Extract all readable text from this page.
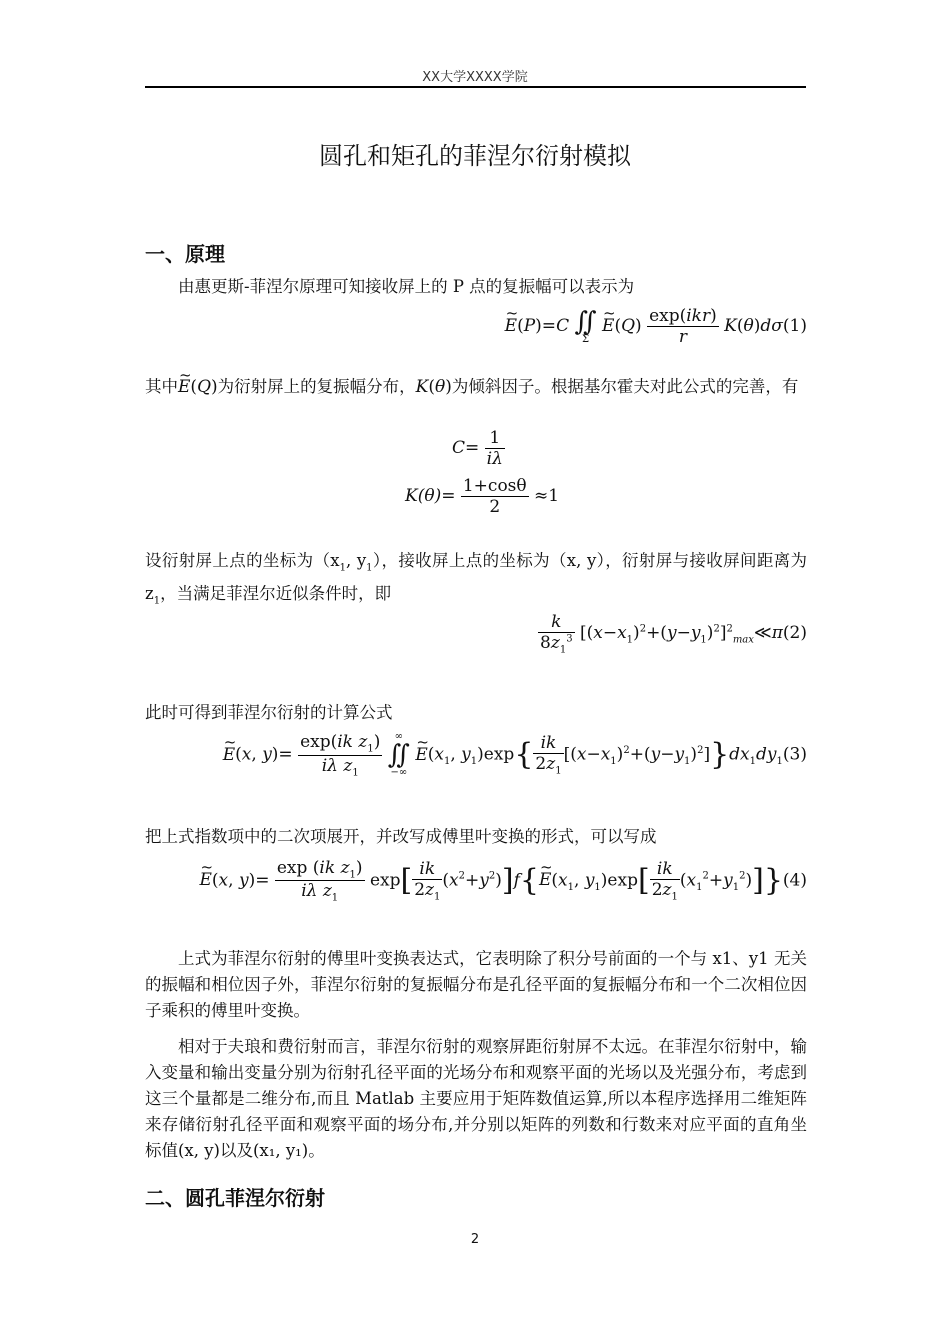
XX大学XXXX学院
圆孔和矩孔的菲涅尔衍射模拟
一、原理
由惠更斯-菲涅尔原理可知接收屏上的 P 点的复振幅可以表示为
~ E(P)=C ∬
Σ
~ $E(Q) \frac{\text{exp(ikr)}}{r} K(\theta)d\sigma(1)$
其中~ E(Q)为衍射屏上的复振幅分布，K(θ)为倾斜因子。根据基尔霍夫对此公式的完善，有
$C= \frac{1}{i\lambda}$
$K(\theta)= \frac{1+\cos\theta}{2} \approx 1$
设衍射屏上点的坐标为（$x_1$, $y_1$），接收屏上点的坐标为（x, y），衍射屏与接收屏间距离为 $z_1$，当满足菲涅尔近似条件时，即
$\frac{k}{8z_1^3}$ $[(x-x_1)^2+(y-y_1)^2]^2_{max}≪\pi(2)$
此时可得到菲涅尔衍射的计算公式
~ E(x, $y)= \frac{\exp(ik z_1)}{i\lambda z_1}$
	∞
∬
−∞
~ $E(x_1$, $y_1)\exp\{ \frac{ik}{2z_1} [(x-x_1)^2+(y-y_1)^2]\}dx_1dy_1(3)$
把上式指数项中的二次项展开，并改写成傅里叶变换的形式，可以写成
~ E(x, $y)= \frac{\exp (ik z_1)}{i\lambda z_1} \exp[ \frac{ik}{2z_1}$ $(x^2+y^2)]f\{\sim$ $E(x_1$, $y_1)\exp[ \frac{ik}{2z_1} (x_1^2+y_1^2)]\}(4)$
上式为菲涅尔衍射的傅里叶变换表达式，它表明除了积分号前面的一个与 x1、y1 无关的振幅和相位因子外，菲涅尔衍射的复振幅分布是孔径平面的复振幅分布和一个二次相位因子乘积的傅里叶变换。
相对于夫琅和费衍射而言，菲涅尔衍射的观察屏距衍射屏不太远。在菲涅尔衍射中，输入变量和输出变量分别为衍射孔径平面的光场分布和观察平面的光场以及光强分布，考虑到这三个量都是二维分布,而且 Matlab 主要应用于矩阵数值运算,所以本程序选择用二维矩阵来存储衍射孔径平面和观察平面的场分布,并分别以矩阵的列数和行数来对应平面的直角坐标值(x, y)以及(x₁, y₁)。
二、圆孔菲涅尔衍射
2
